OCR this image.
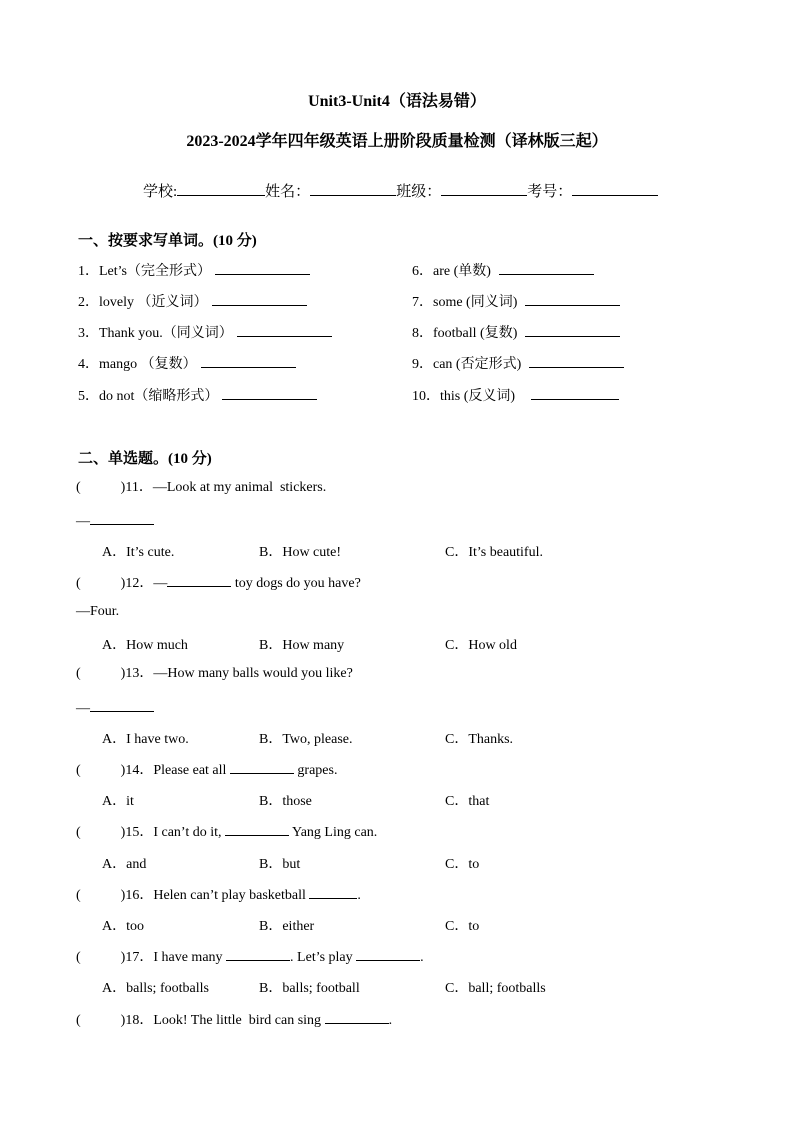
Unit3-Unit4（语法易错）
2023-2024学年四年级英语上册阶段质量检测（译林版三起）

学校:	姓名：	班级：	考号：

一、按要求写单词。(10 分)
1．Let’s（完全形式）
2．lovely （近义词）
3．Thank you.（同义词）
4．mango （复数）
5．do not（缩略形式）
6．are (单数)
7．some (同义词)
8．football (复数)
9．can (否定形式)
10．this (反义词)
二、单选题。(10 分)
(	)11．—Look at my animal  stickers.
—
A．It’s cute.	B．How cute!	C．It’s beautiful.
(	)12．—	toy dogs do you have?
—Four.
A．How much	B．How many	C．How old
(	)13．—How many balls would you like?
—
A．I have two.	B．Two, please.	C．Thanks.
(	)14．Please eat all	grapes.
A．it	B．those	C．that
(	)15．I can’t do it,	Yang Ling can.
A．and	B．but	C．to
(	)16．Helen can’t play basketball	.
A．too	B．either	C．to
(	)17．I have many	. Let’s play	.
A．balls; footballs	B．balls; football	C．ball; footballs
(	)18．Look! The little  bird can sing	.
